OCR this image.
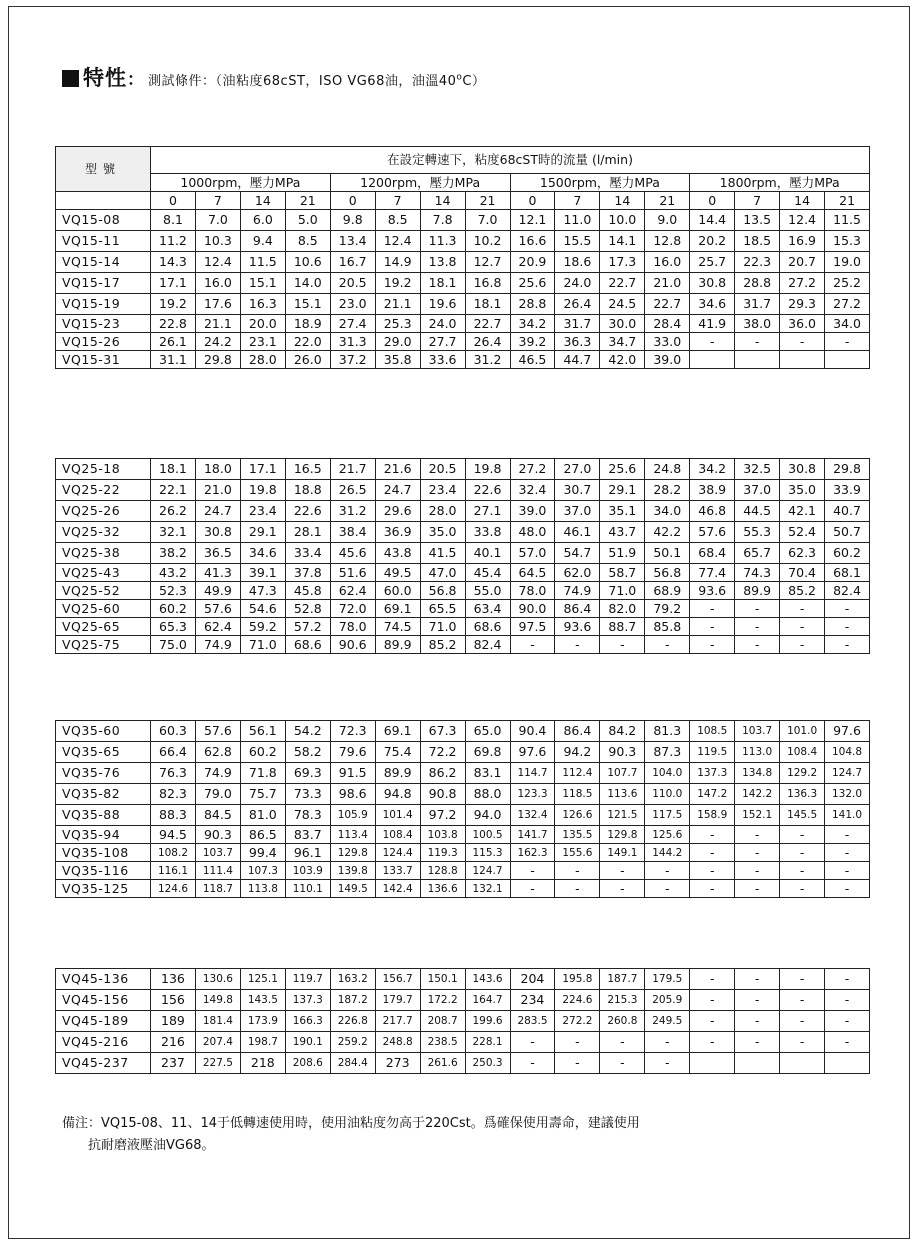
特性： 測試條件：（油粘度68cST，ISO VG68油，油溫40$^o$C）
型號	在設定轉速下，粘度68cST時的流量 (l/min)															
	1000rpm，壓力MPa				1200rpm，壓力MPa				1500rpm，壓力MPa				1800rpm，壓力MPa			
	0	7	14	21	0	7	14	21	0	7	14	21	0	7	14	21
VQ15-08	8.1	7.0	6.0	5.0	9.8	8.5	7.8	7.0	12.1	11.0	10.0	9.0	14.4	13.5	12.4	11.5
VQ15-11	11.2	10.3	9.4	8.5	13.4	12.4	11.3	10.2	16.6	15.5	14.1	12.8	20.2	18.5	16.9	15.3
VQ15-14	14.3	12.4	11.5	10.6	16.7	14.9	13.8	12.7	20.9	18.6	17.3	16.0	25.7	22.3	20.7	19.0
VQ15-17	17.1	16.0	15.1	14.0	20.5	19.2	18.1	16.8	25.6	24.0	22.7	21.0	30.8	28.8	27.2	25.2
VQ15-19	19.2	17.6	16.3	15.1	23.0	21.1	19.6	18.1	28.8	26.4	24.5	22.7	34.6	31.7	29.3	27.2
VQ15-23	22.8	21.1	20.0	18.9	27.4	25.3	24.0	22.7	34.2	31.7	30.0	28.4	41.9	38.0	36.0	34.0
VQ15-26	26.1	24.2	23.1	22.0	31.3	29.0	27.7	26.4	39.2	36.3	34.7	33.0	-	-	-	-
VQ15-31	31.1	29.8	28.0	26.0	37.2	35.8	33.6	31.2	46.5	44.7	42.0	39.0				
VQ25-18	18.1	18.0	17.1	16.5	21.7	21.6	20.5	19.8	27.2	27.0	25.6	24.8	34.2	32.5	30.8	29.8
VQ25-22	22.1	21.0	19.8	18.8	26.5	24.7	23.4	22.6	32.4	30.7	29.1	28.2	38.9	37.0	35.0	33.9
VQ25-26	26.2	24.7	23.4	22.6	31.2	29.6	28.0	27.1	39.0	37.0	35.1	34.0	46.8	44.5	42.1	40.7
VQ25-32	32.1	30.8	29.1	28.1	38.4	36.9	35.0	33.8	48.0	46.1	43.7	42.2	57.6	55.3	52.4	50.7
VQ25-38	38.2	36.5	34.6	33.4	45.6	43.8	41.5	40.1	57.0	54.7	51.9	50.1	68.4	65.7	62.3	60.2
VQ25-43	43.2	41.3	39.1	37.8	51.6	49.5	47.0	45.4	64.5	62.0	58.7	56.8	77.4	74.3	70.4	68.1
VQ25-52	52.3	49.9	47.3	45.8	62.4	60.0	56.8	55.0	78.0	74.9	71.0	68.9	93.6	89.9	85.2	82.4
VQ25-60	60.2	57.6	54.6	52.8	72.0	69.1	65.5	63.4	90.0	86.4	82.0	79.2	-	-	-	-
VQ25-65	65.3	62.4	59.2	57.2	78.0	74.5	71.0	68.6	97.5	93.6	88.7	85.8	-	-	-	-
VQ25-75	75.0	74.9	71.0	68.6	90.6	89.9	85.2	82.4	-	-	-	-	-	-	-	-
VQ35-60	60.3	57.6	56.1	54.2	72.3	69.1	67.3	65.0	90.4	86.4	84.2	81.3	108.5	103.7	101.0	97.6
VQ35-65	66.4	62.8	60.2	58.2	79.6	75.4	72.2	69.8	97.6	94.2	90.3	87.3	119.5	113.0	108.4	104.8
VQ35-76	76.3	74.9	71.8	69.3	91.5	89.9	86.2	83.1	114.7	112.4	107.7	104.0	137.3	134.8	129.2	124.7
VQ35-82	82.3	79.0	75.7	73.3	98.6	94.8	90.8	88.0	123.3	118.5	113.6	110.0	147.2	142.2	136.3	132.0
VQ35-88	88.3	84.5	81.0	78.3	105.9	101.4	97.2	94.0	132.4	126.6	121.5	117.5	158.9	152.1	145.5	141.0
VQ35-94	94.5	90.3	86.5	83.7	113.4	108.4	103.8	100.5	141.7	135.5	129.8	125.6	-	-	-	-
VQ35-108	108.2	103.7	99.4	96.1	129.8	124.4	119.3	115.3	162.3	155.6	149.1	144.2	-	-	-	-
VQ35-116	116.1	111.4	107.3	103.9	139.8	133.7	128.8	124.7	-	-	-	-	-	-	-	-
VQ35-125	124.6	118.7	113.8	110.1	149.5	142.4	136.6	132.1	-	-	-	-	-	-	-	-
VQ45-136	136	130.6	125.1	119.7	163.2	156.7	150.1	143.6	204	195.8	187.7	179.5	-	-	-	-
VQ45-156	156	149.8	143.5	137.3	187.2	179.7	172.2	164.7	234	224.6	215.3	205.9	-	-	-	-
VQ45-189	189	181.4	173.9	166.3	226.8	217.7	208.7	199.6	283.5	272.2	260.8	249.5	-	-	-	-
VQ45-216	216	207.4	198.7	190.1	259.2	248.8	238.5	228.1	-	-	-	-	-	-	-	-
VQ45-237	237	227.5	218	208.6	284.4	273	261.6	250.3	-	-	-	-				
備注：VQ15-08、11、14于低轉速使用時，使用油粘度勿高于220Cst。爲確保使用壽命，建議使用
抗耐磨液壓油VG68。
